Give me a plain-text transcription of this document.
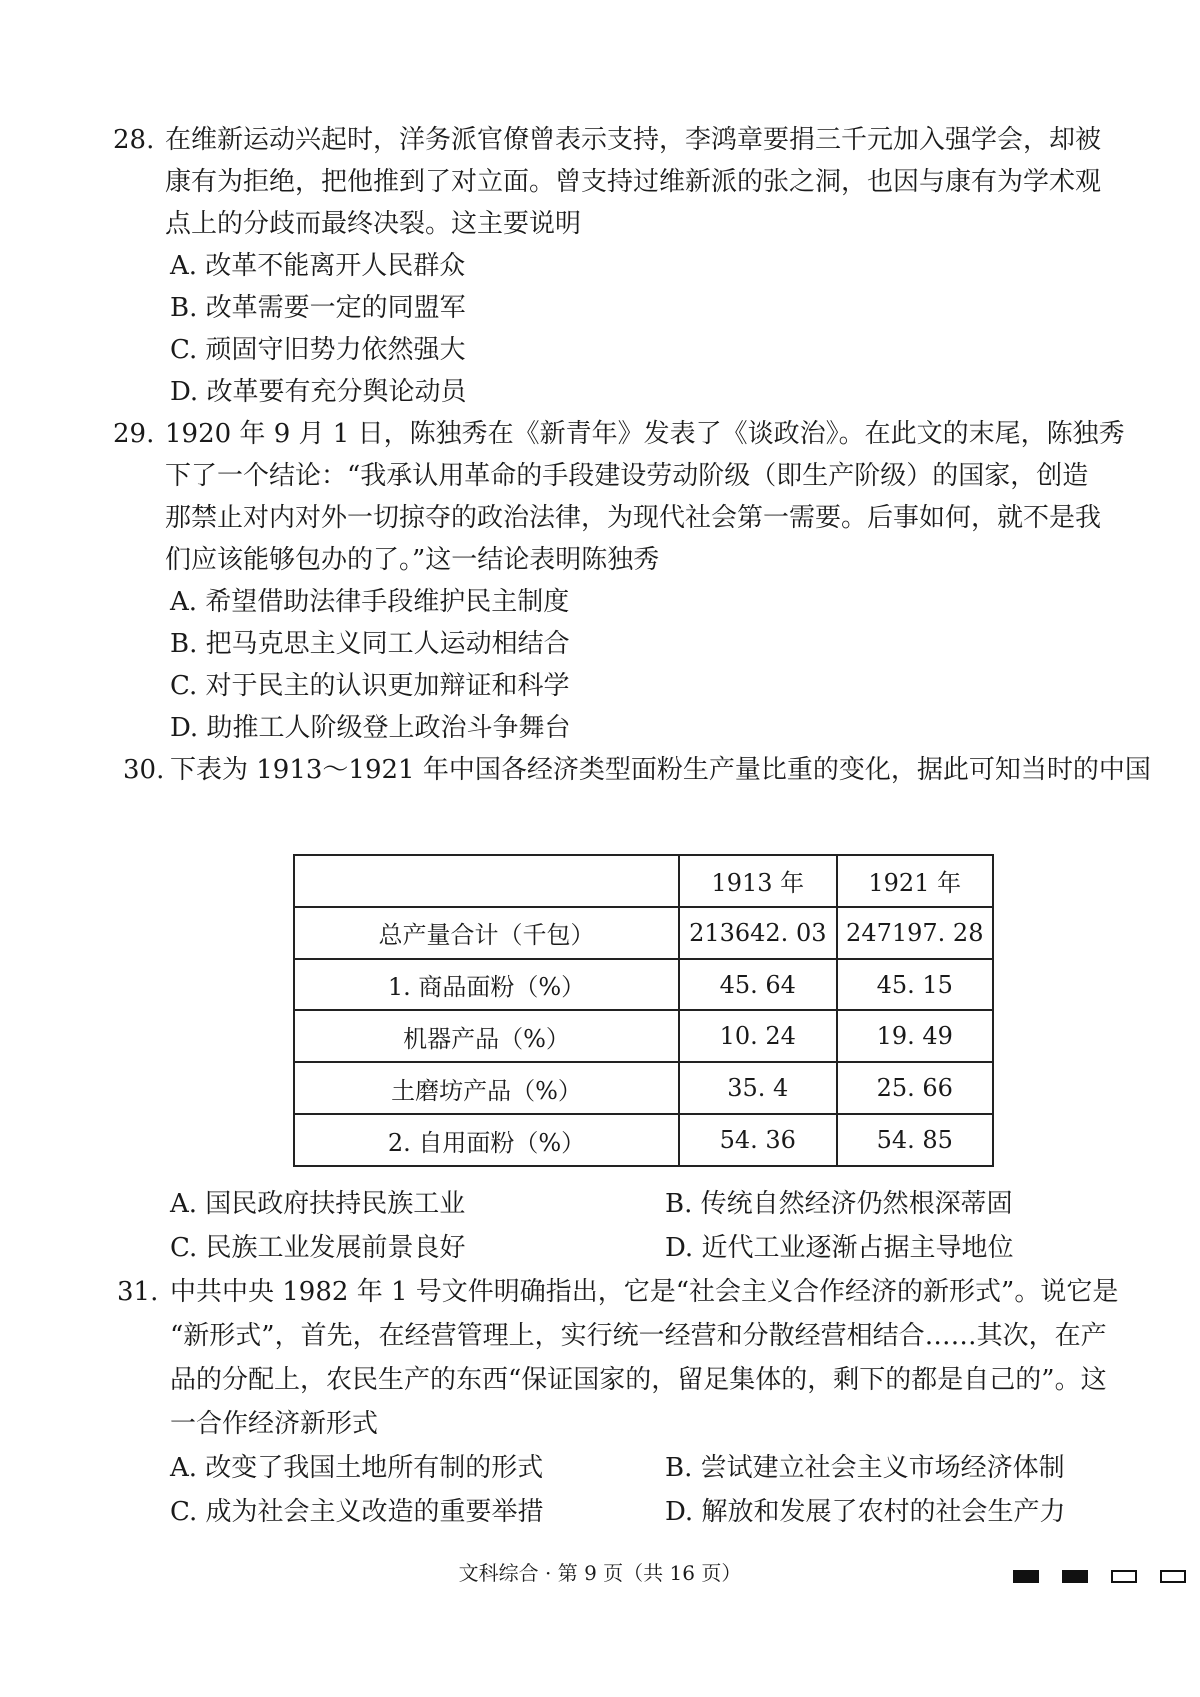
28. 在维新运动兴起时，洋务派官僚曾表示支持，李鸿章要捐三千元加入强学会，却被
康有为拒绝，把他推到了对立面。曾支持过维新派的张之洞，也因与康有为学术观
点上的分歧而最终决裂。这主要说明
A. 改革不能离开人民群众
B. 改革需要一定的同盟军
C. 顽固守旧势力依然强大
D. 改革要有充分舆论动员
29. 1920 年 9 月 1 日，陈独秀在《新青年》发表了《谈政治》。在此文的末尾，陈独秀
下了一个结论：“我承认用革命的手段建设劳动阶级（即生产阶级）的国家，创造
那禁止对内对外一切掠夺的政治法律，为现代社会第一需要。后事如何，就不是我
们应该能够包办的了。”这一结论表明陈独秀
A. 希望借助法律手段维护民主制度
B. 把马克思主义同工人运动相结合
C. 对于民主的认识更加辩证和科学
D. 助推工人阶级登上政治斗争舞台
30. 下表为 1913～1921 年中国各经济类型面粉生产量比重的变化，据此可知当时的中国
	1913 年	1921 年
总产量合计（千包）	213642. 03	247197. 28
1. 商品面粉（%）	45. 64	45. 15
机器产品（%）	10. 24	19. 49
土磨坊产品（%）	35. 4	25. 66
2. 自用面粉（%）	54. 36	54. 85
A. 国民政府扶持民族工业	B. 传统自然经济仍然根深蒂固
C. 民族工业发展前景良好	D. 近代工业逐渐占据主导地位
31. 中共中央 1982 年 1 号文件明确指出，它是“社会主义合作经济的新形式”。说它是
“新形式”，首先，在经营管理上，实行统一经营和分散经营相结合……其次，在产
品的分配上，农民生产的东西“保证国家的，留足集体的，剩下的都是自己的”。这
一合作经济新形式
A. 改变了我国土地所有制的形式	B. 尝试建立社会主义市场经济体制
C. 成为社会主义改造的重要举措	D. 解放和发展了农村的社会生产力
文科综合 · 第 9 页（共 16 页）
